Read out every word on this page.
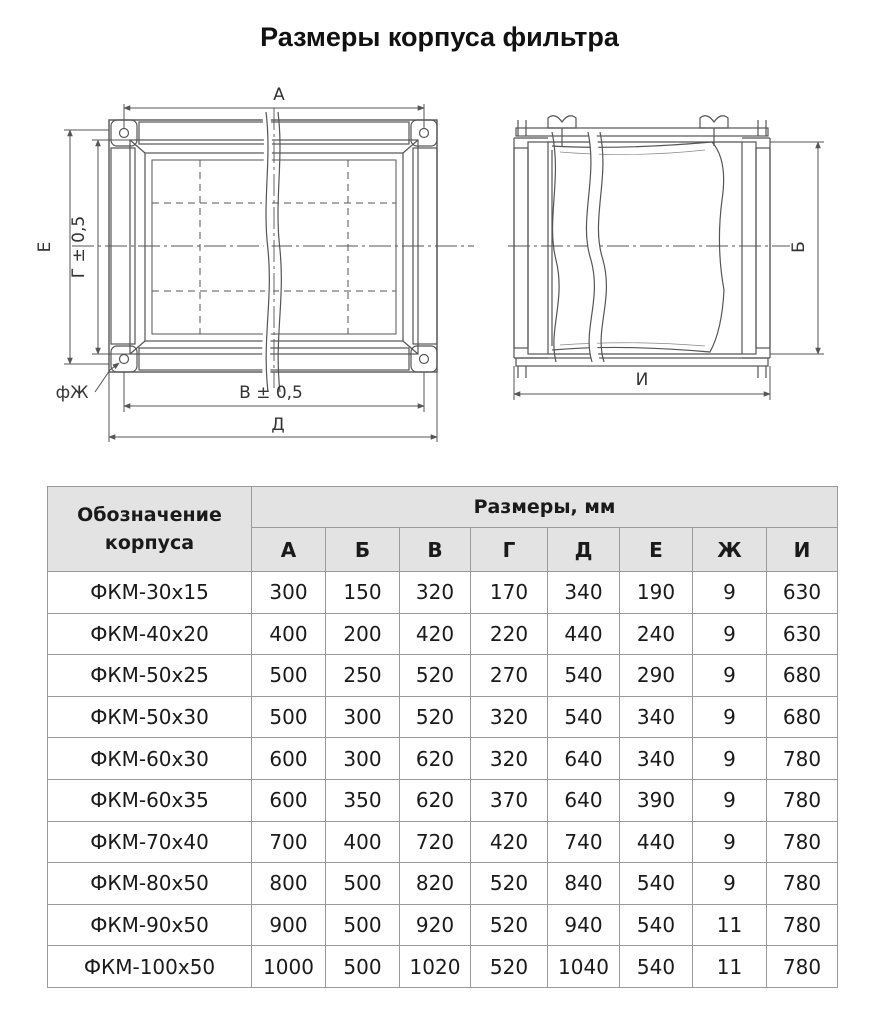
Размеры корпуса фильтра
А
Е Г ± 0,5
фЖ	В ± 0,5
Д
Б
И
Обозначение
корпуса	Размеры, мм							
	А	Б	В	Г	Д	Е	Ж	И
ФКМ-30x15	300	150	320	170	340	190	9	630
ФКМ-40x20	400	200	420	220	440	240	9	630
ФКМ-50x25	500	250	520	270	540	290	9	680
ФКМ-50x30	500	300	520	320	540	340	9	680
ФКМ-60x30	600	300	620	320	640	340	9	780
ФКМ-60x35	600	350	620	370	640	390	9	780
ФКМ-70x40	700	400	720	420	740	440	9	780
ФКМ-80x50	800	500	820	520	840	540	9	780
ФКМ-90x50	900	500	920	520	940	540	11	780
ФКМ-100x50	1000	500	1020	520	1040	540	11	780
